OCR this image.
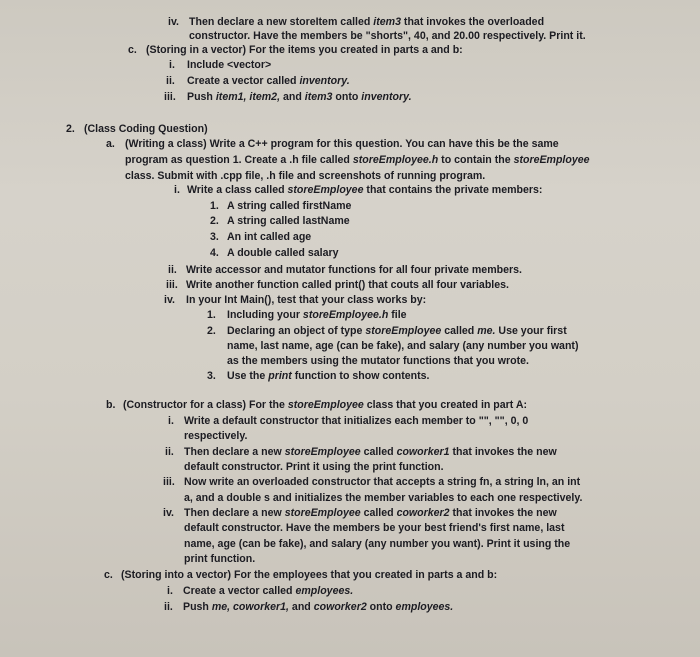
iv. Then declare a new storeItem called item3 that invokes the overloaded
constructor. Have the members be "shorts", 40, and 20.00 respectively. Print it.
c. (Storing in a vector) For the items you created in parts a and b:
i. Include <vector>
ii. Create a vector called inventory.
iii. Push item1, item2, and item3 onto inventory.
2. (Class Coding Question)
a. (Writing a class) Write a C++ program for this question. You can have this be the same
program as question 1. Create a .h file called storeEmployee.h to contain the storeEmployee
class. Submit with .cpp file, .h file and screenshots of running program.
i. Write a class called storeEmployee that contains the private members:
1. A string called firstName
2. A string called lastName
3. An int called age
4. A double called salary
ii. Write accessor and mutator functions for all four private members.
iii. Write another function called print() that couts all four variables.
iv. In your Int Main(), test that your class works by:
1. Including your storeEmployee.h file
2. Declaring an object of type storeEmployee called me. Use your first
name, last name, age (can be fake), and salary (any number you want)
as the members using the mutator functions that you wrote.
3. Use the print function to show contents.
b. (Constructor for a class) For the storeEmployee class that you created in part A:
i. Write a default constructor that initializes each member to "", "", 0, 0
respectively.
ii. Then declare a new storeEmployee called coworker1 that invokes the new
default constructor. Print it using the print function.
iii. Now write an overloaded constructor that accepts a string fn, a string ln, an int
a, and a double s and initializes the member variables to each one respectively.
iv. Then declare a new storeEmployee called coworker2 that invokes the new
default constructor. Have the members be your best friend's first name, last
name, age (can be fake), and salary (any number you want). Print it using the
print function.
c. (Storing into a vector) For the employees that you created in parts a and b:
i. Create a vector called employees.
ii. Push me, coworker1, and coworker2 onto employees.
